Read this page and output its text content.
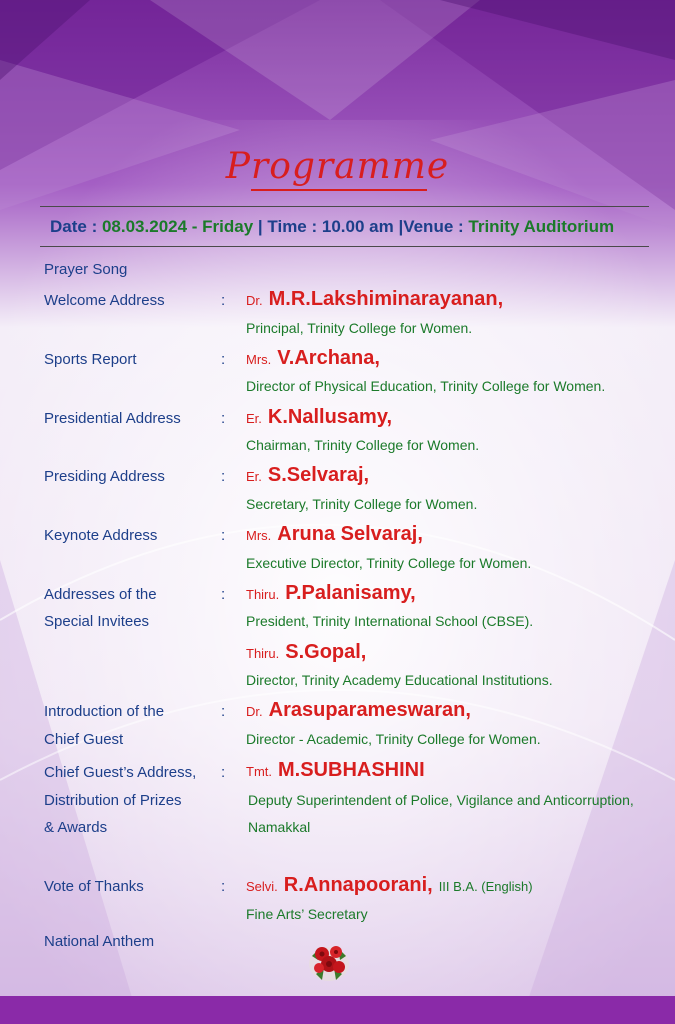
Programme
Date : 08.03.2024 - Friday | Time : 10.00 am |Venue : Trinity Auditorium
Prayer Song
Welcome Address	: Dr. M.R.Lakshiminarayanan,
Principal, Trinity College for Women.
Sports Report	: Mrs. V.Archana,
Director of Physical Education, Trinity College for Women.
Presidential Address	: Er. K.Nallusamy,
Chairman, Trinity College for Women.
Presiding Address	: Er. S.Selvaraj,
Secretary, Trinity College for Women.
Keynote Address	: Mrs. Aruna Selvaraj,
Executive Director, Trinity College for Women.
Addresses of the
Special Invitees
: Thiru. P.Palanisamy,
President, Trinity International School (CBSE).
Thiru. S.Gopal,
Director, Trinity Academy Educational Institutions.
Introduction of the
Chief Guest
: Dr. Arasuparameswaran,
Director - Academic, Trinity College for Women.
Chief Guest’s Address,
Distribution of Prizes
& Awards
: Tmt. M.SUBHASHINI
Deputy Superintendent of Police, Vigilance and Anticorruption,
Namakkal
Vote of Thanks	: Selvi. R.Annapoorani, III B.A. (English)
Fine Arts’ Secretary
National Anthem
